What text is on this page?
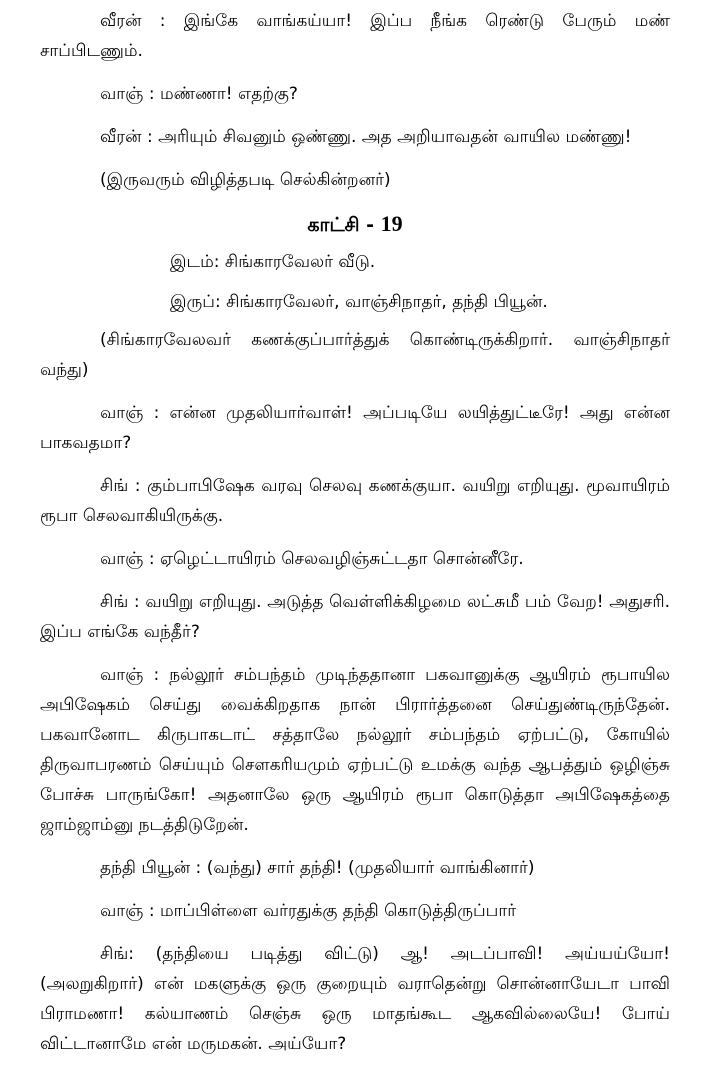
வீரன் : இங்கே வாங்கய்யா! இப்ப நீங்க ரெண்டு பேரும் மண் சாப்பிடணும்.

வாஞ் : மண்ணா! எதற்கு?

வீரன் : அரியும் சிவனும் ஒண்ணு. அத அறியாவதன் வாயில மண்ணு!

(இருவரும் விழித்தபடி செல்கின்றனர்)

காட்சி - 19
இடம்: சிங்காரவேலர் வீடு.
இருப்: சிங்காரவேலர், வாஞ்சிநாதர், தந்தி பியூன்.

(சிங்காரவேலவர் கணக்குப்பார்த்துக் கொண்டிருக்கிறார். வாஞ்சிநாதர் வந்து)

வாஞ் : என்ன முதலியார்வாள்! அப்படியே லயித்துட்டீரே! அது என்ன பாகவதமா?

சிங் : கும்பாபிஷேக வரவு செலவு கணக்குயா. வயிறு எறியுது. மூவாயிரம் ரூபா செலவாகியிருக்கு.

வாஞ் : ஏழெட்டாயிரம் செலவழிஞ்சுட்டதா சொன்னீரே.

சிங் : வயிறு எறியுது. அடுத்த வெள்ளிக்கிழமை லட்சுமீ பம் வேற! அதுசரி. இப்ப எங்கே வந்தீர்?

வாஞ் : நல்லூர் சம்பந்தம் முடிந்ததானா பகவானுக்கு ஆயிரம் ரூபாயில அபிஷேகம் செய்து வைக்கிறதாக நான் பிரார்த்தனை செய்துண்டிருந்தேன். பகவானோட கிருபாகடாட் சத்தாலே நல்லூர் சம்பந்தம் ஏற்பட்டு, கோயில் திருவாபரணம் செய்யும் சௌகரியமும் ஏற்பட்டு உமக்கு வந்த ஆபத்தும் ஒழிஞ்சு போச்சு பாருங்கோ! அதனாலே ஒரு ஆயிரம் ரூபா கொடுத்தா அபிஷேகத்தை ஜாம்ஜாம்னு நடத்திடுறேன்.

தந்தி பியூன் : (வந்து) சார் தந்தி! (முதலியார் வாங்கினார்)

வாஞ் : மாப்பிள்ளை வர்ரதுக்கு தந்தி கொடுத்திருப்பார்

சிங்: (தந்தியை படித்து விட்டு) ஆ! அடப்பாவி! அய்யய்யோ! (அலறுகிறார்) என் மகளுக்கு ஒரு குறையும் வராதென்று சொன்னாயேடா பாவி பிராமணா! கல்யாணம் செஞ்சு ஒரு மாதங்கூட ஆகவில்லையே! போய் விட்டானாமே என் மருமகன். அய்யோ?
